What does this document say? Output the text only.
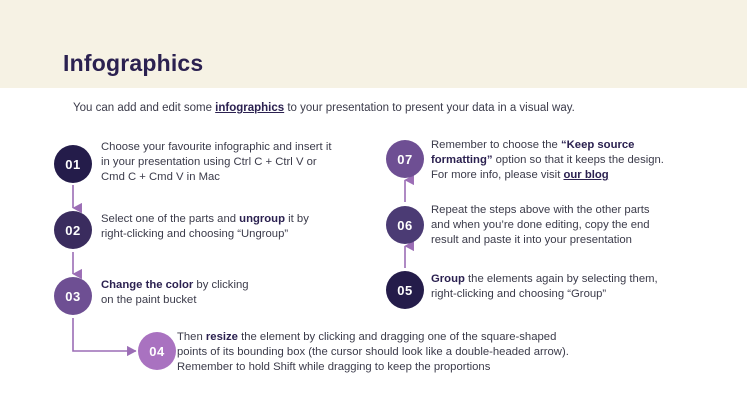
Infographics
You can add and edit some infographics to your presentation to present your data in a visual way.
01
Choose your favourite infographic and insert it
in your presentation using Ctrl C + Ctrl V or
Cmd C + Cmd V in Mac
02
Select one of the parts and ungroup it by
right-clicking and choosing “Ungroup”
03
Change the color by clicking
on the paint bucket
04
Then resize the element by clicking and dragging one of the square-shaped
points of its bounding box (the cursor should look like a double-headed arrow).
Remember to hold Shift while dragging to keep the proportions
05
Group the elements again by selecting them,
right-clicking and choosing “Group”
06
Repeat the steps above with the other parts
and when you’re done editing, copy the end
result and paste it into your presentation
07
Remember to choose the “Keep source
formatting” option so that it keeps the design.
For more info, please visit our blog
